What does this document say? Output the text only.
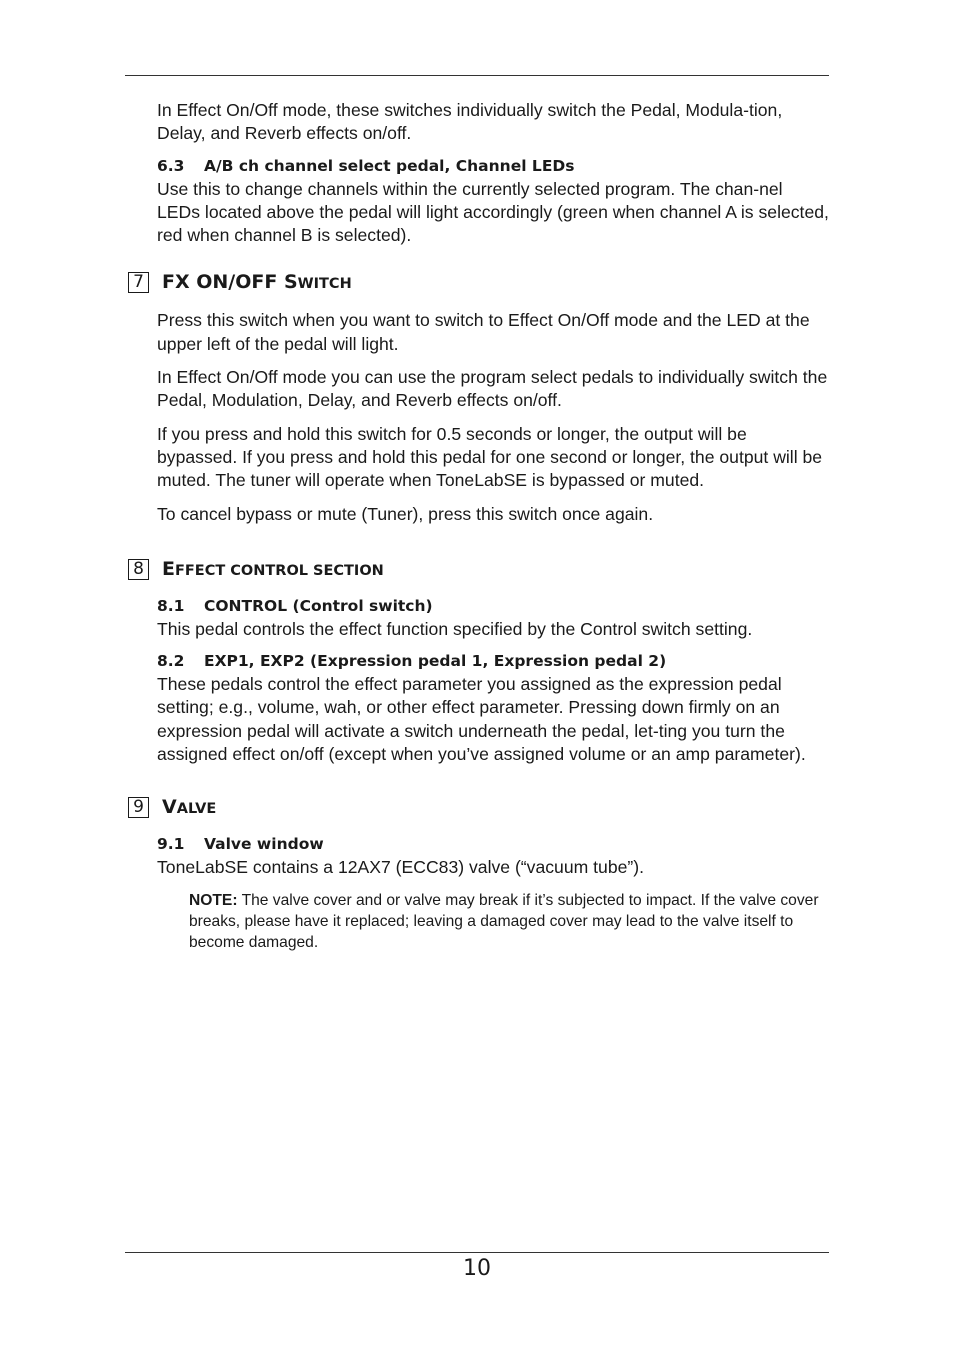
In Effect On/Off mode, these switches individually switch the Pedal, Modula-tion, Delay, and Reverb effects on/off.

6.3 A/B ch channel select pedal, Channel LEDs

Use this to change channels within the currently selected program. The chan-nel LEDs located above the pedal will light accordingly (green when channel A is selected, red when channel B is selected).

7 FX ON/OFF SWITCH

Press this switch when you want to switch to Effect On/Off mode and the LED at the upper left of the pedal will light.

In Effect On/Off mode you can use the program select pedals to individually switch the Pedal, Modulation, Delay, and Reverb effects on/off.

If you press and hold this switch for 0.5 seconds or longer, the output will be bypassed. If you press and hold this pedal for one second or longer, the output will be muted. The tuner will operate when ToneLabSE is bypassed or muted.

To cancel bypass or mute (Tuner), press this switch once again.

8 EFFECT CONTROL SECTION
8.1 CONTROL (Control switch)

This pedal controls the effect function specified by the Control switch setting.

8.2 EXP1, EXP2 (Expression pedal 1, Expression pedal 2)

These pedals control the effect parameter you assigned as the expression pedal setting; e.g., volume, wah, or other effect parameter. Pressing down firmly on an expression pedal will activate a switch underneath the pedal, let-ting you turn the assigned effect on/off (except when you’ve assigned volume or an amp parameter).

9 VALVE
9.1 Valve window

ToneLabSE contains a 12AX7 (ECC83) valve (“vacuum tube”).

NOTE: The valve cover and or valve may break if it’s subjected to impact. If the valve cover breaks, please have it replaced; leaving a damaged cover may lead to the valve itself to become damaged.
10
